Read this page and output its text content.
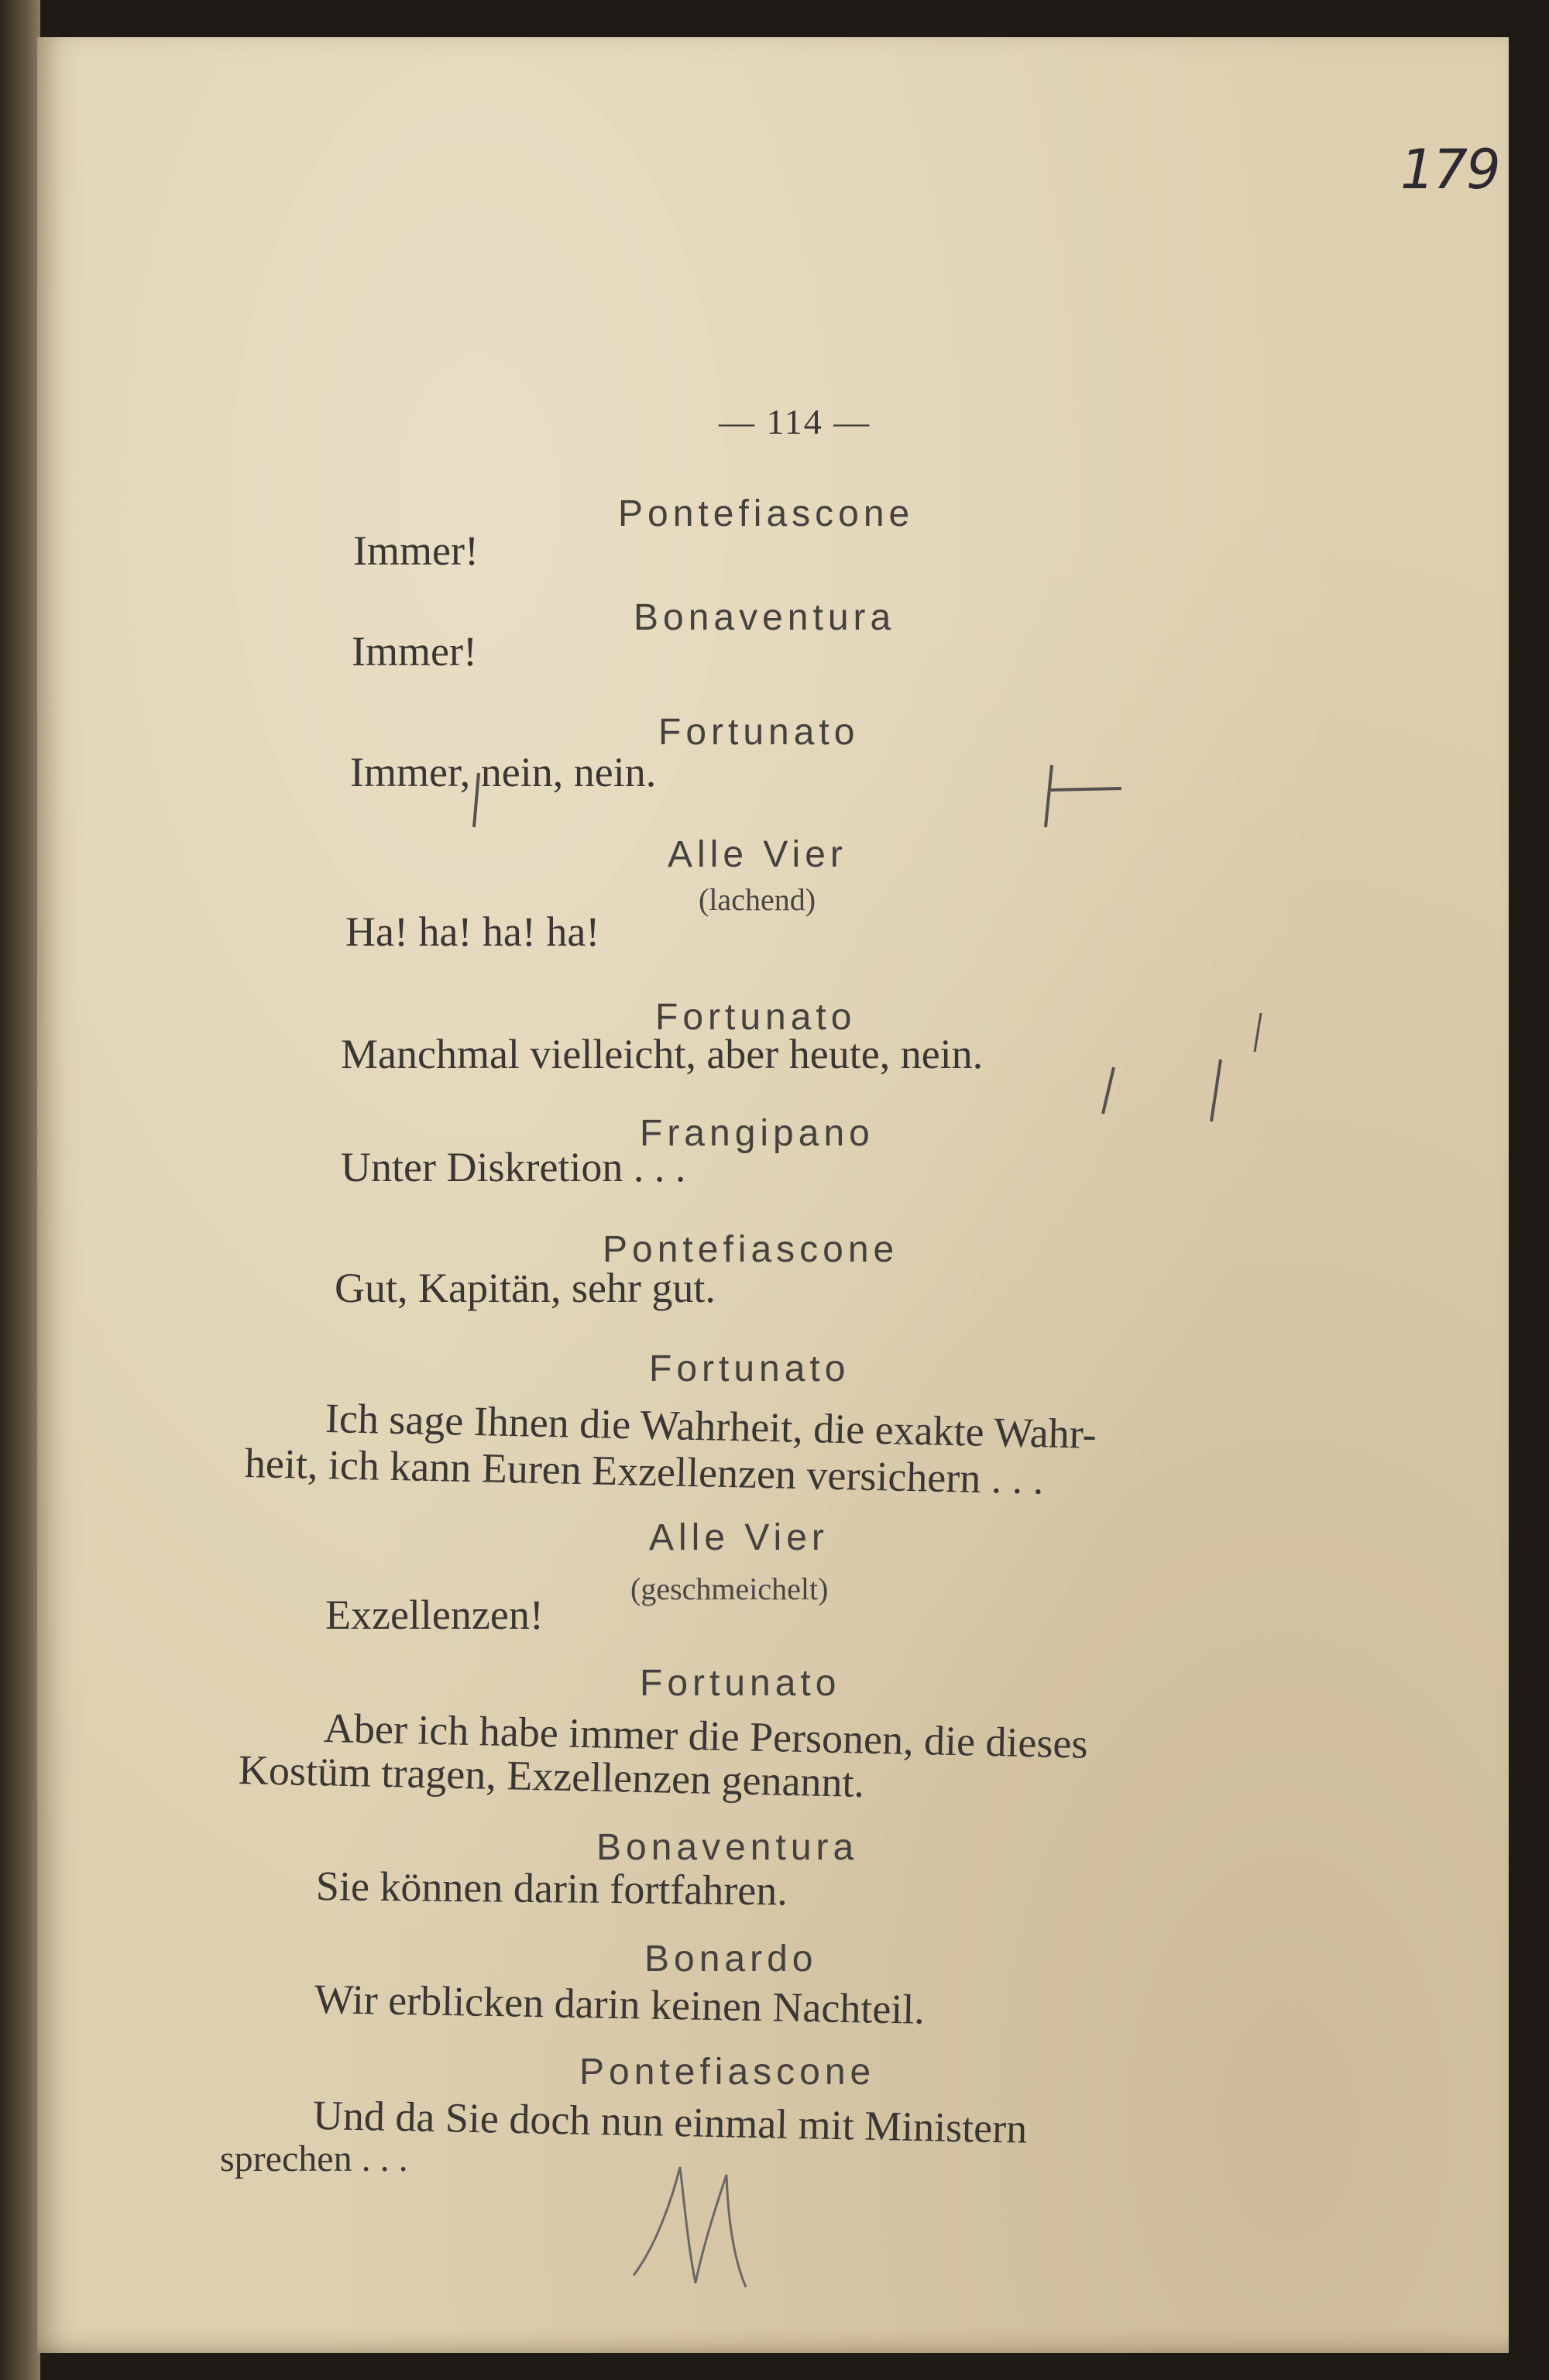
179
— 114 —
Pontefiascone
Immer!
Bonaventura
Immer!
Fortunato
Immer, nein, nein.
Alle Vier
(lachend)
Ha! ha! ha! ha!
Fortunato
Manchmal vielleicht, aber heute, nein.
Frangipano
Unter Diskretion . . .
Pontefiascone
Gut, Kapitän, sehr gut.
Fortunato
Ich sage Ihnen die Wahrheit, die exakte Wahr-
heit, ich kann Euren Exzellenzen versichern . . .
Alle Vier
(geschmeichelt)
Exzellenzen!
Fortunato
Aber ich habe immer die Personen, die dieses
Kostüm tragen, Exzellenzen genannt.
Bonaventura
Sie können darin fortfahren.
Bonardo
Wir erblicken darin keinen Nachteil.
Pontefiascone
Und da Sie doch nun einmal mit Ministern
sprechen . . .
